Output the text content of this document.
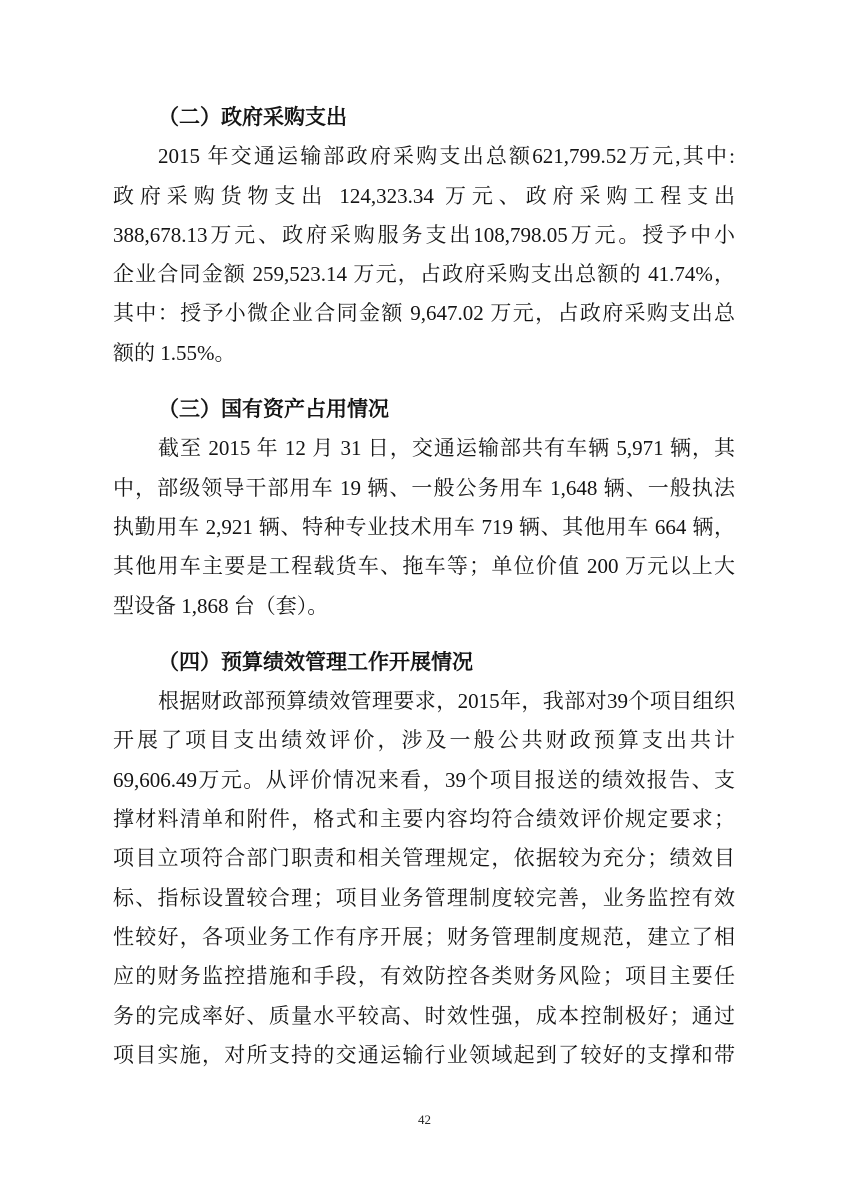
（二）政府采购支出
2015 年交通运输部政府采购支出总额621,799.52万元,其中:
政府采购货物支出 124,323.34 万元、政府采购工程支出
388,678.13万元、政府采购服务支出108,798.05万元。授予中小
企业合同金额 259,523.14 万元，占政府采购支出总额的 41.74%，
其中：授予小微企业合同金额 9,647.02 万元，占政府采购支出总
额的 1.55%。
（三）国有资产占用情况
截至 2015 年 12 月 31 日，交通运输部共有车辆 5,971 辆，其
中，部级领导干部用车 19 辆、一般公务用车 1,648 辆、一般执法
执勤用车 2,921 辆、特种专业技术用车 719 辆、其他用车 664 辆，
其他用车主要是工程载货车、拖车等；单位价值 200 万元以上大
型设备 1,868 台（套）。
（四）预算绩效管理工作开展情况
根据财政部预算绩效管理要求，2015年，我部对39个项目组织
开展了项目支出绩效评价，涉及一般公共财政预算支出共计
69,606.49万元。从评价情况来看，39个项目报送的绩效报告、支
撑材料清单和附件，格式和主要内容均符合绩效评价规定要求；
项目立项符合部门职责和相关管理规定，依据较为充分；绩效目
标、指标设置较合理；项目业务管理制度较完善，业务监控有效
性较好，各项业务工作有序开展；财务管理制度规范，建立了相
应的财务监控措施和手段，有效防控各类财务风险；项目主要任
务的完成率好、质量水平较高、时效性强，成本控制极好；通过
项目实施，对所支持的交通运输行业领域起到了较好的支撑和带
42
